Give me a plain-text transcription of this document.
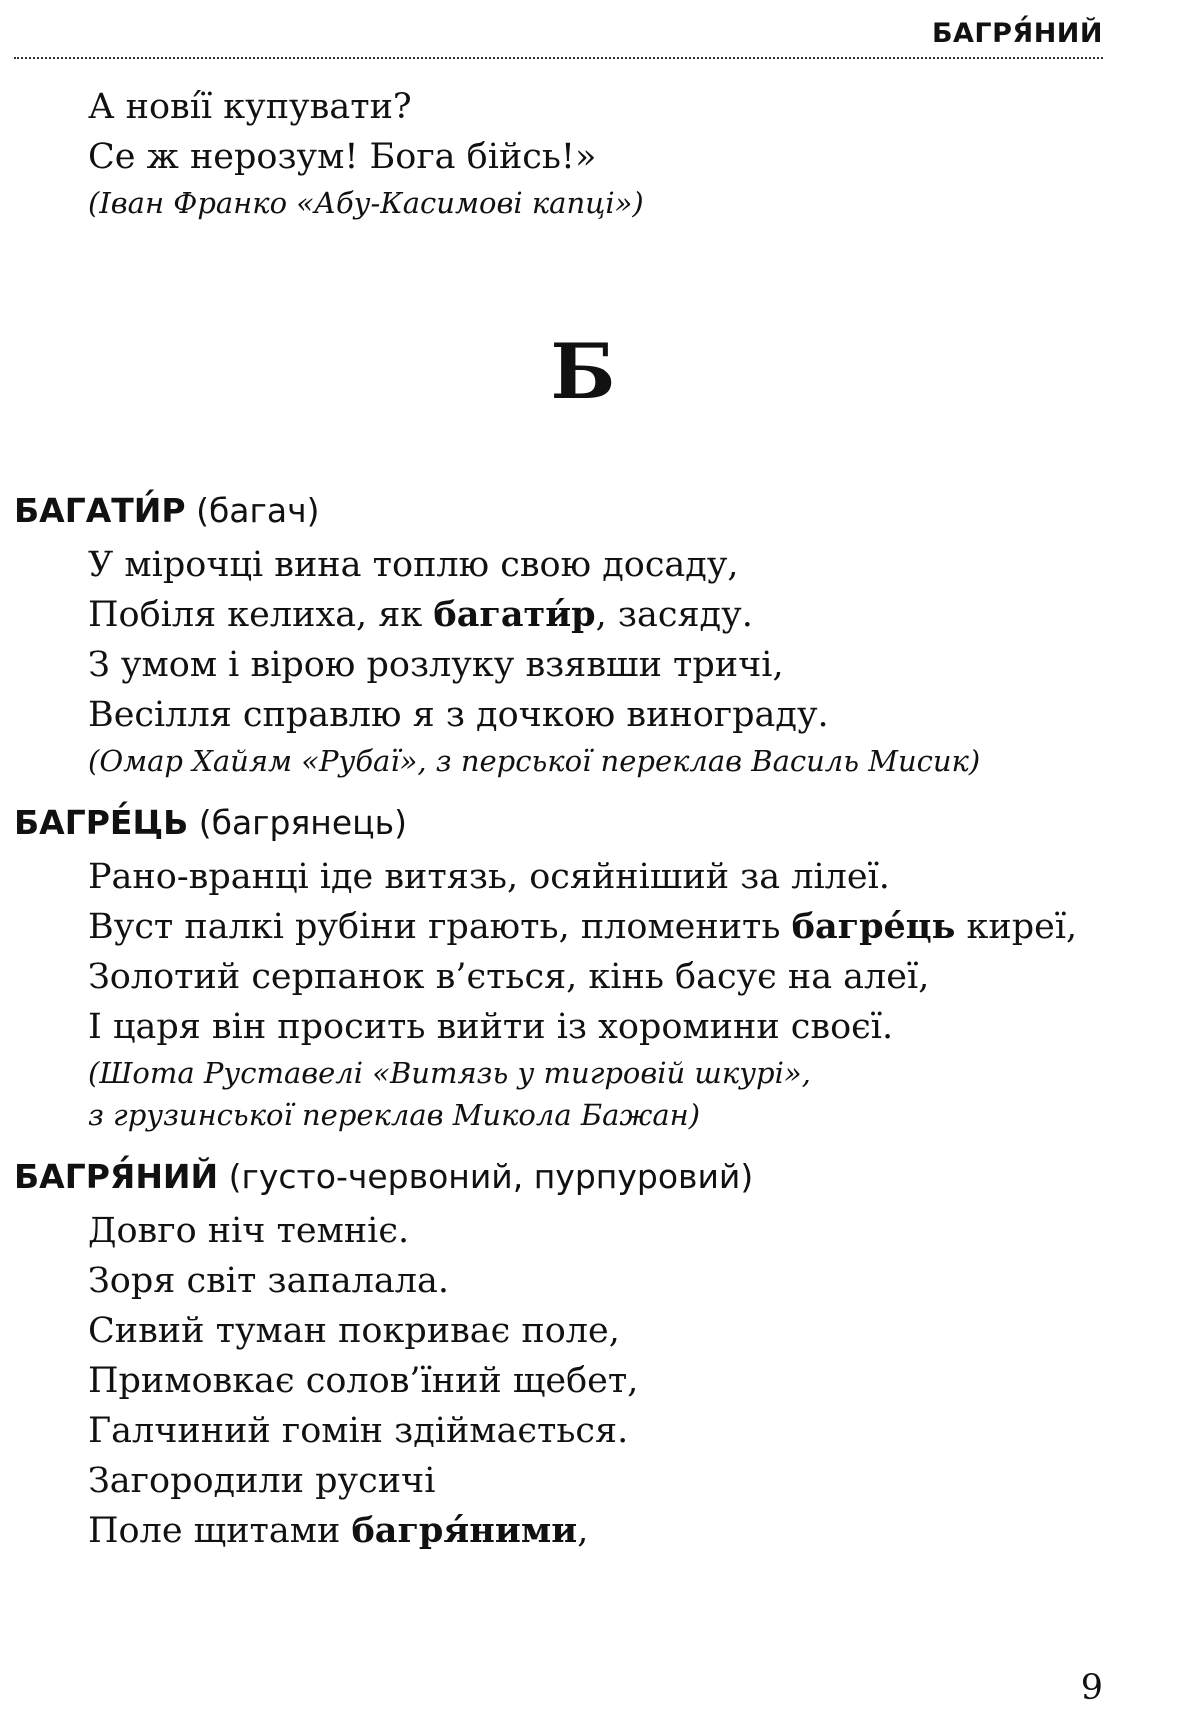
БАГРЯ́НИЙ
А нові́ї купувати?
Се ж нерозум! Бога бійсь!»
(Іван Франко «Абу-Касимові капці»)
Б
БАГАТИ́Р (багач)
У мірочці вина топлю свою досаду,
Побіля келиха, як багати́р, засяду.
З умом і вірою розлуку взявши тричі,
Весілля справлю я з дочкою винограду.
(Омар Хайям «Рубаї», з перської переклав Василь Мисик)
БАГРЕ́ЦЬ (багрянець)
Рано-вранці іде витязь, осяйніший за лілеї.
Вуст палкі рубіни грають, пломенить багре́ць киреї,
Золотий серпанок в’ється, кінь басує на алеї,
І царя він просить вийти із хоромини своєї.
(Шота Руставелі «Витязь у тигровій шкурі»,
з грузинської переклав Микола Бажан)
БАГРЯ́НИЙ (густо-червоний, пурпуровий)
Довго ніч темніє.
Зоря світ запалала.
Сивий туман покриває поле,
Примовкає солов’їний щебет,
Галчиний гомін здіймається.
Загородили русичі
Поле щитами багря́ними,
9
